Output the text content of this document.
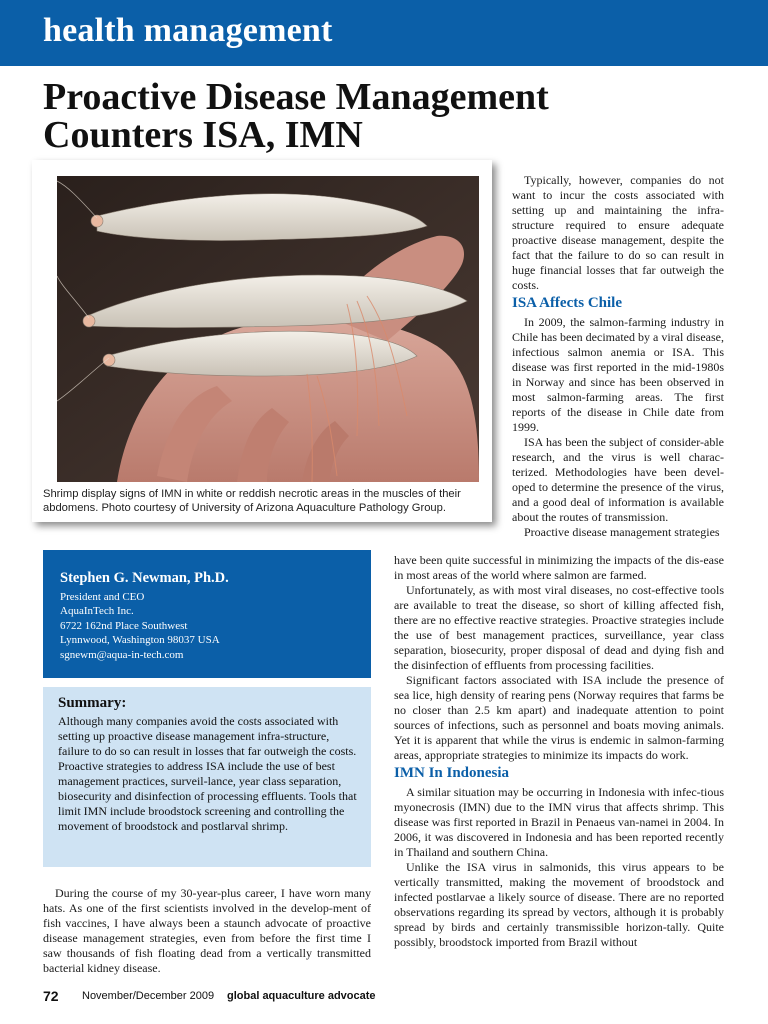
health management
Proactive Disease Management
Counters ISA, IMN
Shrimp display signs of IMN in white or reddish necrotic areas in the muscles of their abdomens. Photo courtesy of University of Arizona Aquaculture Pathology Group.

Typically, however, companies do not want to incur the costs associated with setting up and maintaining the infra-structure required to ensure adequate proactive disease management, despite the fact that the failure to do so can result in huge financial losses that far outweigh the costs.

ISA Affects Chile

In 2009, the salmon-farming industry in Chile has been decimated by a viral disease, infectious salmon anemia or ISA. This disease was first reported in the mid-1980s in Norway and since has been observed in most salmon-farming areas. The first reports of the disease in Chile date from 1999.

ISA has been the subject of consider-able research, and the virus is well charac-terized. Methodologies have been devel-oped to determine the presence of the virus, and a good deal of information is available about the routes of transmission.

Proactive disease management strategies

Stephen G. Newman, Ph.D.
President and CEO
AquaInTech Inc.
6722 162nd Place Southwest
Lynnwood, Washington 98037 USA
sgnewm@aqua-in-tech.com
Summary:
Although many companies avoid the costs associated with setting up proactive disease management infra-structure, failure to do so can result in losses that far outweigh the costs. Proactive strategies to address ISA include the use of best management practices, surveil-lance, year class separation, biosecurity and disinfection of processing effluents. Tools that limit IMN include broodstock screening and controlling the movement of broodstock and postlarval shrimp.

During the course of my 30-year-plus career, I have worn many hats. As one of the first scientists involved in the develop-ment of fish vaccines, I have always been a staunch advocate of proactive disease management strategies, even from before the first time I saw thousands of fish floating dead from a vertically transmitted bacterial kidney disease.

have been quite successful in minimizing the impacts of the dis-ease in most areas of the world where salmon are farmed.

Unfortunately, as with most viral diseases, no cost-effective tools are available to treat the disease, so short of killing affected fish, there are no effective reactive strategies. Proactive strategies include the use of best management practices, surveillance, year class separation, biosecurity, proper disposal of dead and dying fish and the disinfection of effluents from processing facilities.

Significant factors associated with ISA include the presence of sea lice, high density of rearing pens (Norway requires that farms be no closer than 2.5 km apart) and inadequate attention to point sources of infections, such as personnel and boats moving animals. Yet it is apparent that while the virus is endemic in salmon-farming areas, appropriate strategies to minimize its impacts do work.

IMN In Indonesia

A similar situation may be occurring in Indonesia with infec-tious myonecrosis (IMN) due to the IMN virus that affects shrimp. This disease was first reported in Brazil in Penaeus van-namei in 2004. In 2006, it was discovered in Indonesia and has been reported recently in Thailand and southern China.

Unlike the ISA virus in salmonids, this virus appears to be vertically transmitted, making the movement of broodstock and infected postlarvae a likely source of disease. There are no reported observations regarding its spread by vectors, although it is probably spread by birds and certainly transmissible horizon-tally. Quite possibly, broodstock imported from Brazil without

72 November/December 2009 global aquaculture advocate
